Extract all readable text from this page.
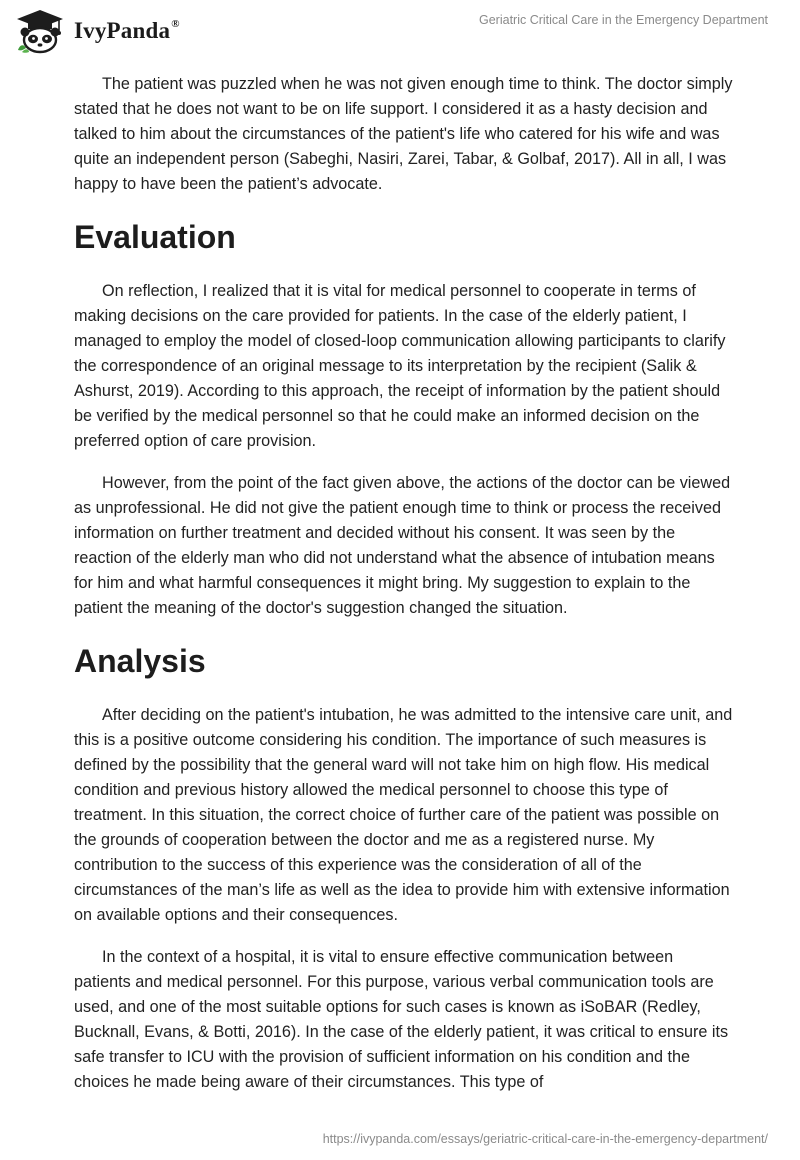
IvyPanda®	Geriatric Critical Care in the Emergency Department

The patient was puzzled when he was not given enough time to think. The doctor simply stated that he does not want to be on life support. I considered it as a hasty decision and talked to him about the circumstances of the patient's life who catered for his wife and was quite an independent person (Sabeghi, Nasiri, Zarei, Tabar, & Golbaf, 2017). All in all, I was happy to have been the patient’s advocate.

Evaluation

On reflection, I realized that it is vital for medical personnel to cooperate in terms of making decisions on the care provided for patients. In the case of the elderly patient, I managed to employ the model of closed-loop communication allowing participants to clarify the correspondence of an original message to its interpretation by the recipient (Salik & Ashurst, 2019). According to this approach, the receipt of information by the patient should be verified by the medical personnel so that he could make an informed decision on the preferred option of care provision.

However, from the point of the fact given above, the actions of the doctor can be viewed as unprofessional. He did not give the patient enough time to think or process the received information on further treatment and decided without his consent. It was seen by the reaction of the elderly man who did not understand what the absence of intubation means for him and what harmful consequences it might bring. My suggestion to explain to the patient the meaning of the doctor's suggestion changed the situation.

Analysis

After deciding on the patient's intubation, he was admitted to the intensive care unit, and this is a positive outcome considering his condition. The importance of such measures is defined by the possibility that the general ward will not take him on high flow. His medical condition and previous history allowed the medical personnel to choose this type of treatment. In this situation, the correct choice of further care of the patient was possible on the grounds of cooperation between the doctor and me as a registered nurse. My contribution to the success of this experience was the consideration of all of the circumstances of the man’s life as well as the idea to provide him with extensive information on available options and their consequences.

In the context of a hospital, it is vital to ensure effective communication between patients and medical personnel. For this purpose, various verbal communication tools are used, and one of the most suitable options for such cases is known as iSoBAR (Redley, Bucknall, Evans, & Botti, 2016). In the case of the elderly patient, it was critical to ensure its safe transfer to ICU with the provision of sufficient information on his condition and the choices he made being aware of their circumstances. This type of

https://ivypanda.com/essays/geriatric-critical-care-in-the-emergency-department/
